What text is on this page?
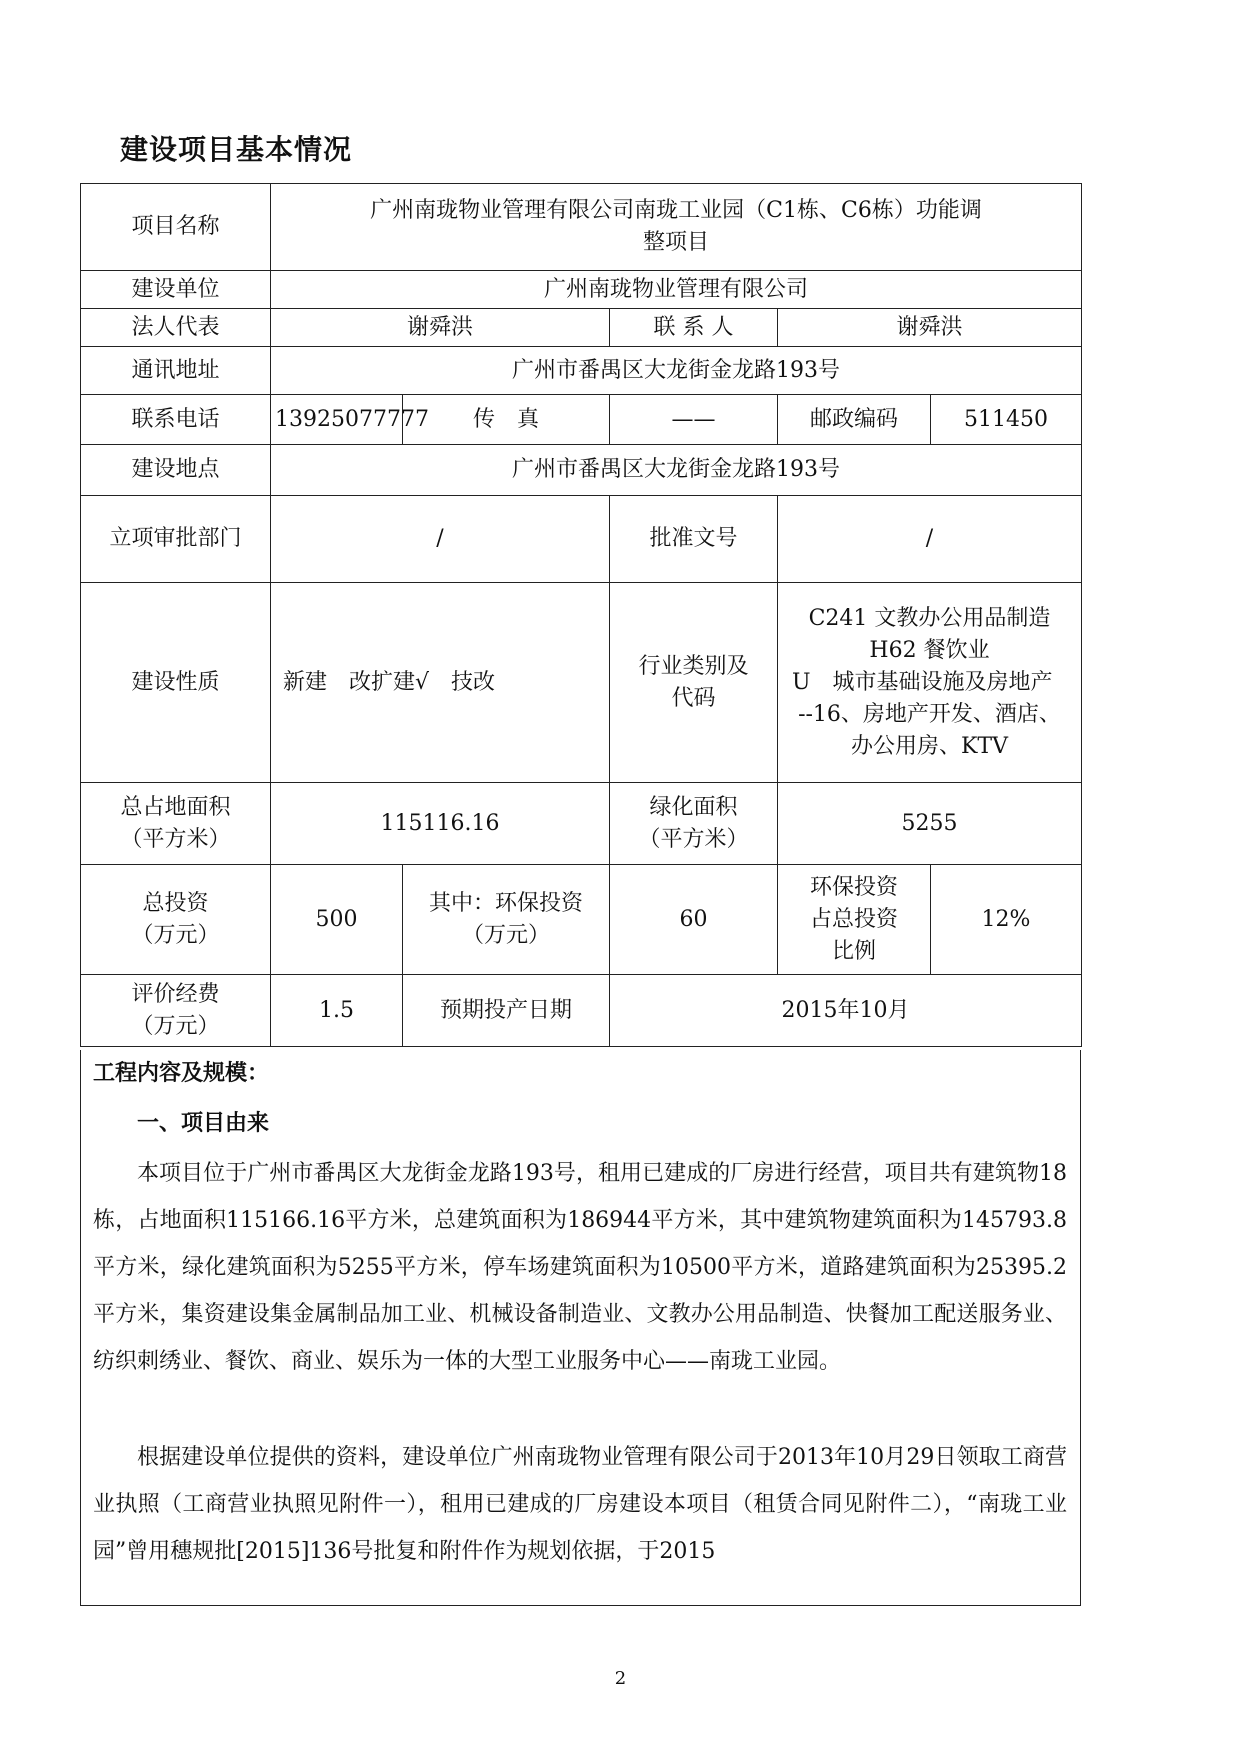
建设项目基本情况
项目名称	广州南珑物业管理有限公司南珑工业园（C1栋、C6栋）功能调整项目				
建设单位	广州南珑物业管理有限公司				
法人代表	谢舜洪		联 系 人	谢舜洪	
通讯地址	广州市番禺区大龙街金龙路193号				
联系电话	13925077777	传　真	——	邮政编码	511450
建设地点	广州市番禺区大龙街金龙路193号				
立项审批部门	/		批准文号	/	
建设性质	新建　改扩建√　技改		行业类别及代码	C241 文教办公用品制造
H62 餐饮业
U　城市基础设施及房地产
--16、房地产开发、酒店、
办公用房、KTV	

总占地面积（平方米）	115116.16		绿化面积（平方米）	5255	
总投资（万元）	500	其中：环保投资（万元）	60	环保投资占总投资比例	12%
评价经费（万元）	1.5	预期投产日期	2015年10月		
工程内容及规模：
一、项目由来

本项目位于广州市番禺区大龙街金龙路193号，租用已建成的厂房进行经营，项目共有建筑物18栋，占地面积115166.16平方米，总建筑面积为186944平方米，其中建筑物建筑面积为145793.8平方米，绿化建筑面积为5255平方米，停车场建筑面积为10500平方米，道路建筑面积为25395.2平方米，集资建设集金属制品加工业、机械设备制造业、文教办公用品制造、快餐加工配送服务业、纺织刺绣业、餐饮、商业、娱乐为一体的大型工业服务中心——南珑工业园。

根据建设单位提供的资料，建设单位广州南珑物业管理有限公司于2013年10月29日领取工商营业执照（工商营业执照见附件一），租用已建成的厂房建设本项目（租赁合同见附件二），“南珑工业园”曾用穗规批[2015]136号批复和附件作为规划依据，于2015

2
